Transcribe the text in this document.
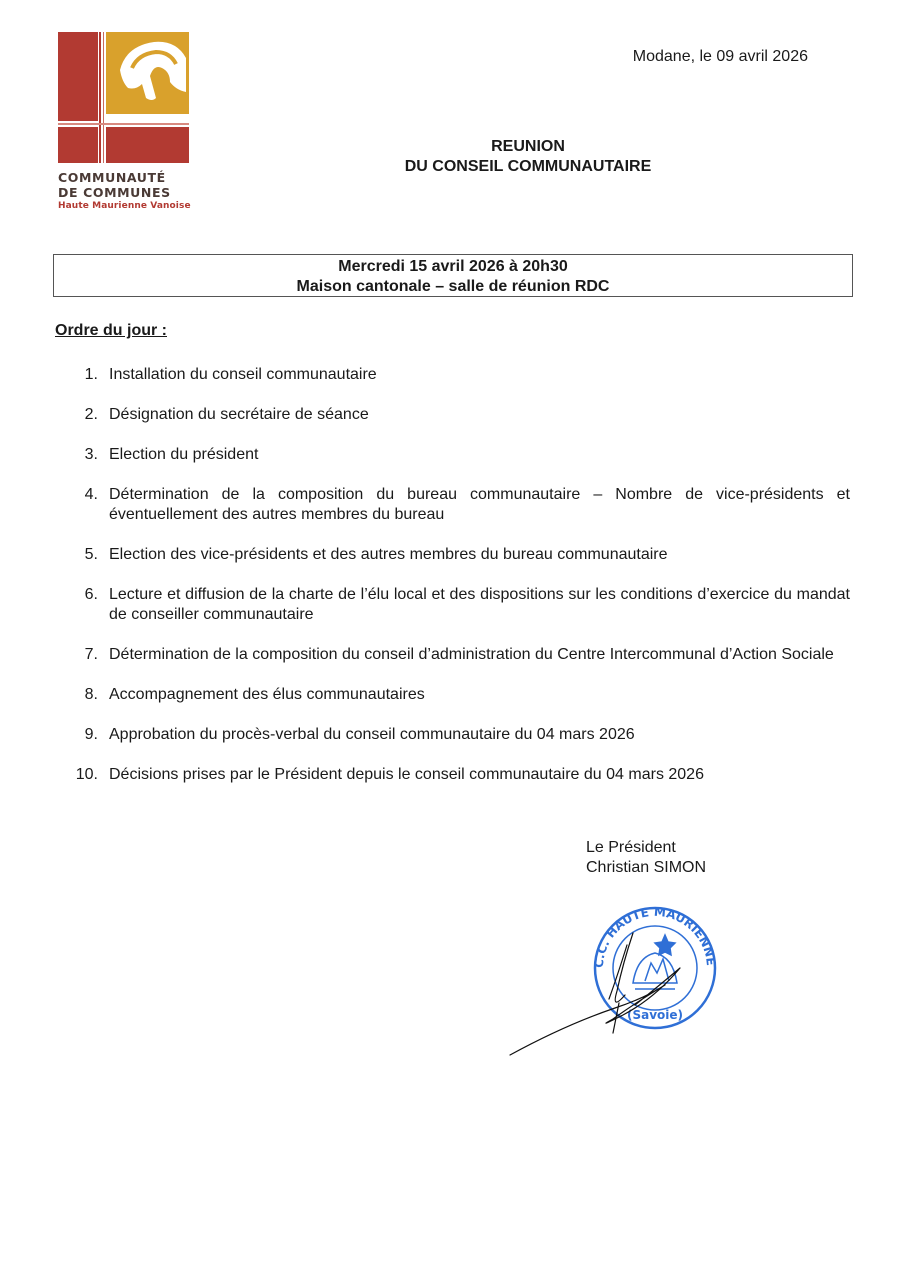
COMMUNAUTÉ
DE COMMUNES
Haute Maurienne Vanoise
Modane, le 09 avril 2026
REUNION
DU CONSEIL COMMUNAUTAIRE
Mercredi 15 avril 2026 à 20h30
Maison cantonale – salle de réunion RDC
Ordre du jour :
1. Installation du conseil communautaire
2. Désignation du secrétaire de séance
3. Election du président
4. Détermination de la composition du bureau communautaire – Nombre de vice-présidents et éventuellement des autres membres du bureau
5. Election des vice-présidents et des autres membres du bureau communautaire
6. Lecture et diffusion de la charte de l’élu local et des dispositions sur les conditions d’exercice du mandat de conseiller communautaire
7. Détermination de la composition du conseil d’administration du Centre Intercommunal d’Action Sociale
8. Accompagnement des élus communautaires
9. Approbation du procès-verbal du conseil communautaire du 04 mars 2026
10. Décisions prises par le Président depuis le conseil communautaire du 04 mars 2026
Le Président
Christian SIMON
C.C. HAUTE MAURIENNE
(Savoie)
